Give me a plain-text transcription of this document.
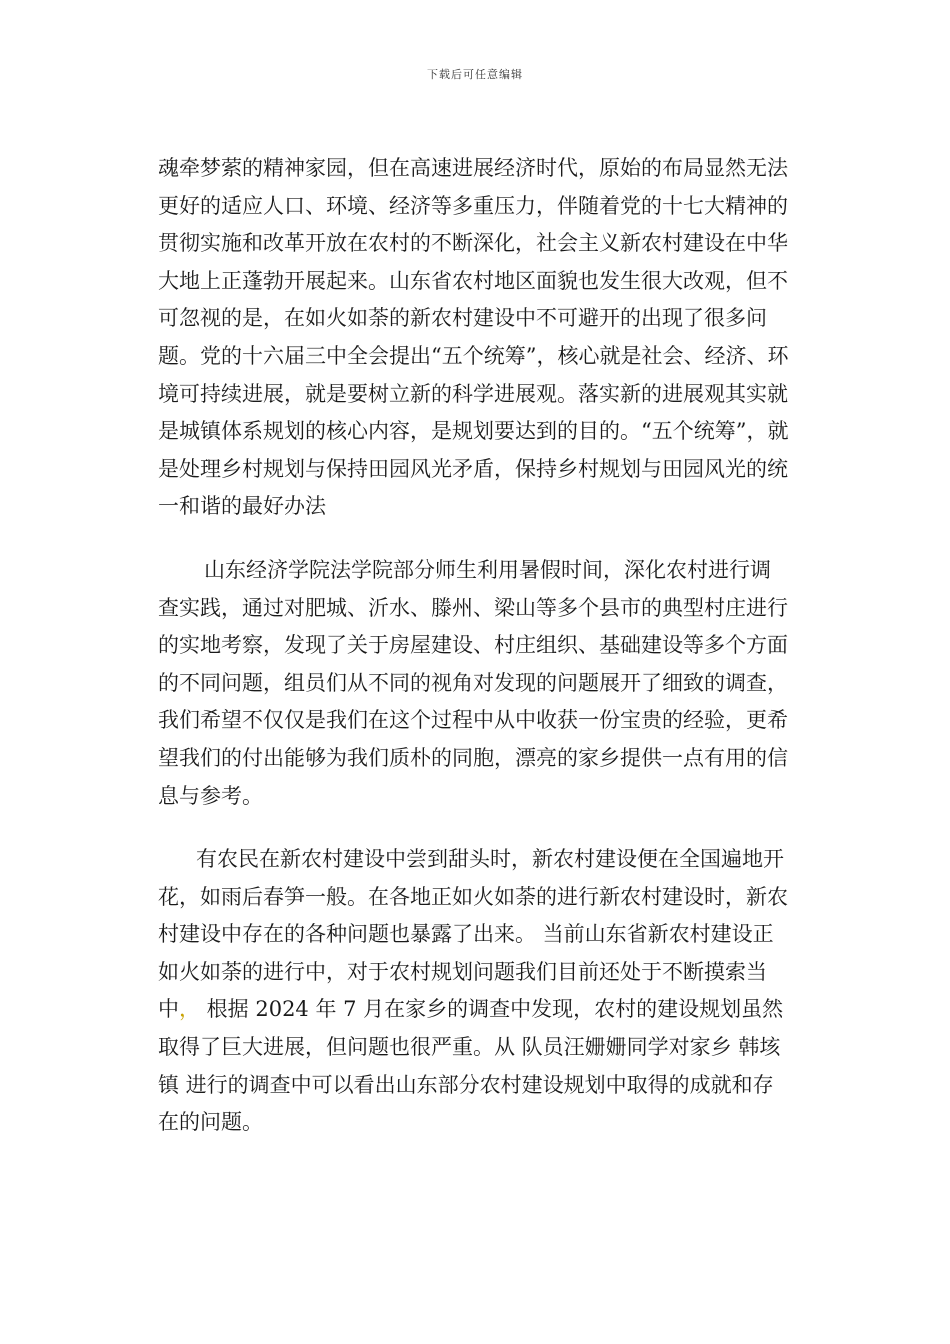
下载后可任意编辑

魂牵梦萦的精神家园，但在高速进展经济时代，原始的布局显然无法更好的适应人口、环境、经济等多重压力，伴随着党的十七大精神的贯彻实施和改革开放在农村的不断深化，社会主义新农村建设在中华大地上正蓬勃开展起来。山东省农村地区面貌也发生很大改观，但不可忽视的是，在如火如荼的新农村建设中不可避开的出现了很多问题。党的十六届三中全会提出“五个统筹”，核心就是社会、经济、环境可持续进展，就是要树立新的科学进展观。落实新的进展观其实就是城镇体系规划的核心内容，是规划要达到的目的。“五个统筹”，就是处理乡村规划与保持田园风光矛盾，保持乡村规划与田园风光的统一和谐的最好办法

山东经济学院法学院部分师生利用暑假时间，深化农村进行调查实践，通过对肥城、沂水、滕州、梁山等多个县市的典型村庄进行的实地考察，发现了关于房屋建设、村庄组织、基础建设等多个方面的不同问题，组员们从不同的视角对发现的问题展开了细致的调查，我们希望不仅仅是我们在这个过程中从中收获一份宝贵的经验，更希望我们的付出能够为我们质朴的同胞，漂亮的家乡提供一点有用的信息与参考。

有农民在新农村建设中尝到甜头时，新农村建设便在全国遍地开花，如雨后春笋一般。在各地正如火如荼的进行新农村建设时，新农村建设中存在的各种问题也暴露了出来。 当前山东省新农村建设正如火如荼的进行中，对于农村规划问题我们目前还处于不断摸索当中， 根据 2024 年 7 月在家乡的调查中发现，农村的建设规划虽然取得了巨大进展，但问题也很严重。从 队员汪姗姗同学对家乡 韩垓镇 进行的调查中可以看出山东部分农村建设规划中取得的成就和存在的问题。
